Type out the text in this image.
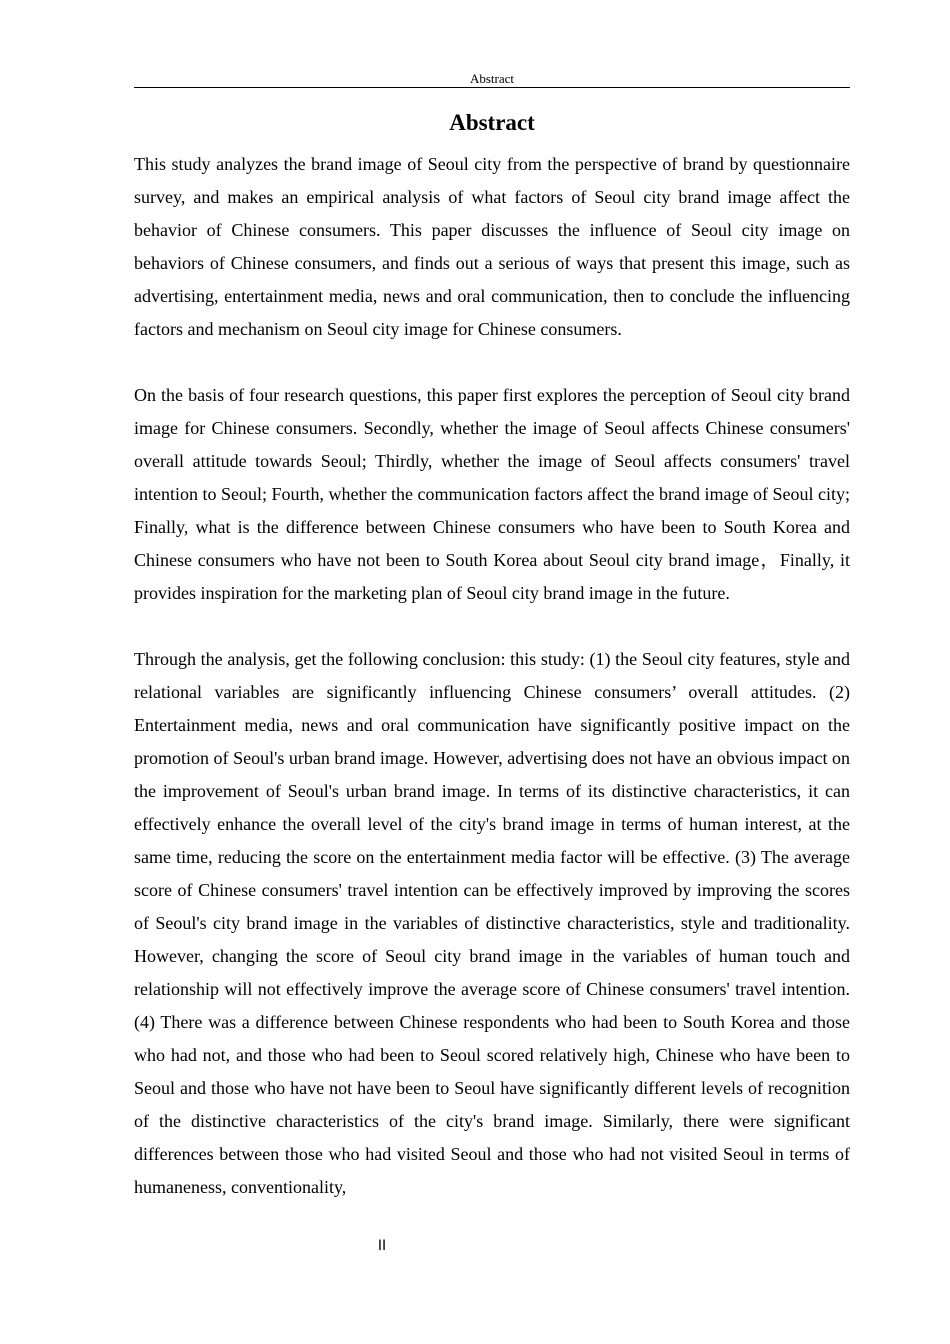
Abstract
Abstract

This study analyzes the brand image of Seoul city from the perspective of brand by questionnaire survey, and makes an empirical analysis of what factors of Seoul city brand image affect the behavior of Chinese consumers. This paper discusses the influence of Seoul city image on behaviors of Chinese consumers, and finds out a serious of ways that present this image, such as advertising, entertainment media, news and oral communication, then to conclude the influencing factors and mechanism on Seoul city image for Chinese consumers.

On the basis of four research questions, this paper first explores the perception of Seoul city brand image for Chinese consumers. Secondly, whether the image of Seoul affects Chinese consumers' overall attitude towards Seoul; Thirdly, whether the image of Seoul affects consumers' travel intention to Seoul; Fourth, whether the communication factors affect the brand image of Seoul city; Finally, what is the difference between Chinese consumers who have been to South Korea and Chinese consumers who have not been to South Korea about Seoul city brand image，Finally, it provides inspiration for the marketing plan of Seoul city brand image in the future.

Through the analysis, get the following conclusion: this study: (1) the Seoul city features, style and relational variables are significantly influencing Chinese consumers’ overall attitudes. (2) Entertainment media, news and oral communication have significantly positive impact on the promotion of Seoul's urban brand image. However, advertising does not have an obvious impact on the improvement of Seoul's urban brand image. In terms of its distinctive characteristics, it can effectively enhance the overall level of the city's brand image in terms of human interest, at the same time, reducing the score on the entertainment media factor will be effective. (3) The average score of Chinese consumers' travel intention can be effectively improved by improving the scores of Seoul's city brand image in the variables of distinctive characteristics, style and traditionality. However, changing the score of Seoul city brand image in the variables of human touch and relationship will not effectively improve the average score of Chinese consumers' travel intention. (4) There was a difference between Chinese respondents who had been to South Korea and those who had not, and those who had been to Seoul scored relatively high, Chinese who have been to Seoul and those who have not have been to Seoul have significantly different levels of recognition of the distinctive characteristics of the city's brand image. Similarly, there were significant differences between those who had visited Seoul and those who had not visited Seoul in terms of humaneness, conventionality,

II
